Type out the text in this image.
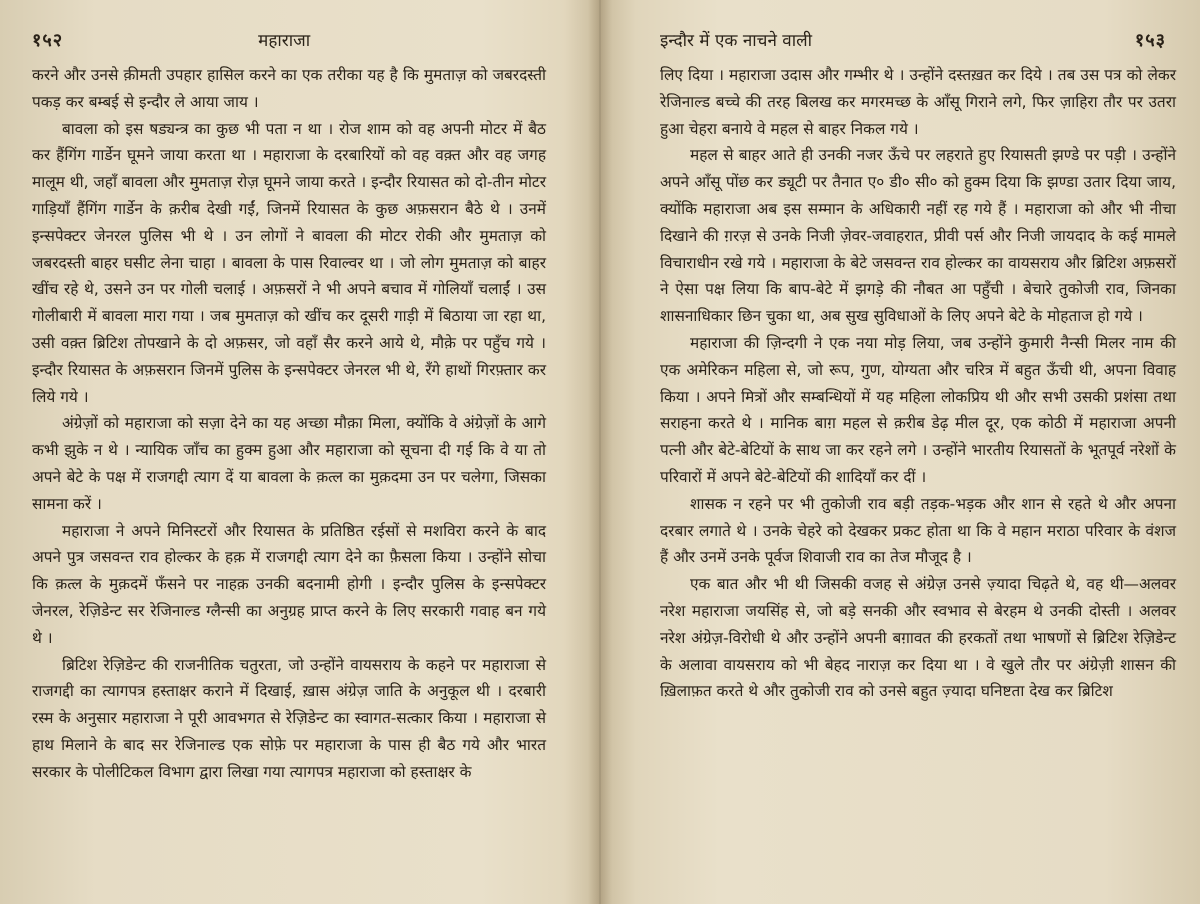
१५२	महाराजा

करने और उनसे क़ीमती उपहार हासिल करने का एक तरीका यह है कि मुमताज़ को जबरदस्ती पकड़ कर बम्बई से इन्दौर ले आया जाय ।

बावला को इस षड्यन्त्र का कुछ भी पता न था । रोज शाम को वह अपनी मोटर में बैठ कर हैंगिंग गार्डेन घूमने जाया करता था । महाराजा के दरबारियों को वह वक़्त और वह जगह मालूम थी, जहाँ बावला और मुमताज़ रोज़ घूमने जाया करते । इन्दौर रियासत को दो-तीन मोटर गाड़ियाँ हैंगिंग गार्डेन के क़रीब देखी गईं, जिनमें रियासत के कुछ अफ़सरान बैठे थे । उनमें इन्सपेक्टर जेनरल पुलिस भी थे । उन लोगों ने बावला की मोटर रोकी और मुमताज़ को जबरदस्ती बाहर घसीट लेना चाहा । बावला के पास रिवाल्वर था । जो लोग मुमताज़ को बाहर खींच रहे थे, उसने उन पर गोली चलाई । अफ़सरों ने भी अपने बचाव में गोलियाँ चलाईं । उस गोलीबारी में बावला मारा गया । जब मुमताज़ को खींच कर दूसरी गाड़ी में बिठाया जा रहा था, उसी वक़्त ब्रिटिश तोपखाने के दो अफ़सर, जो वहाँ सैर करने आये थे, मौक़े पर पहुँच गये । इन्दौर रियासत के अफ़सरान जिनमें पुलिस के इन्सपेक्टर जेनरल भी थे, रँगे हाथों गिरफ़्तार कर लिये गये ।

अंग्रेज़ों को महाराजा को सज़ा देने का यह अच्छा मौक़ा मिला, क्योंकि वे अंग्रेज़ों के आगे कभी झुके न थे । न्यायिक जाँच का हुक्म हुआ और महाराजा को सूचना दी गई कि वे या तो अपने बेटे के पक्ष में राजगद्दी त्याग दें या बावला के क़त्ल का मुक़दमा उन पर चलेगा, जिसका सामना करें ।

महाराजा ने अपने मिनिस्टरों और रियासत के प्रतिष्ठित रईसों से मशविरा करने के बाद अपने पुत्र जसवन्त राव होल्कर के हक़ में राजगद्दी त्याग देने का फ़ैसला किया । उन्होंने सोचा कि क़त्ल के मुक़दमें फँसने पर नाहक़ उनकी बदनामी होगी । इन्दौर पुलिस के इन्सपेक्टर जेनरल, रेज़िडेन्ट सर रेजिनाल्ड ग्लैन्सी का अनुग्रह प्राप्त करने के लिए सरकारी गवाह बन गये थे ।

ब्रिटिश रेज़िडेन्ट की राजनीतिक चतुरता, जो उन्होंने वायसराय के कहने पर महाराजा से राजगद्दी का त्यागपत्र हस्ताक्षर कराने में दिखाई, ख़ास अंग्रेज़ जाति के अनुकूल थी । दरबारी रस्म के अनुसार महाराजा ने पूरी आवभगत से रेज़िडेन्ट का स्वागत-सत्कार किया । महाराजा से हाथ मिलाने के बाद सर रेजिनाल्ड एक सोफ़े पर महाराजा के पास ही बैठ गये और भारत सरकार के पोलीटिकल विभाग द्वारा लिखा गया त्यागपत्र महाराजा को हस्ताक्षर के

इन्दौर में एक नाचने वाली	१५३

लिए दिया । महाराजा उदास और गम्भीर थे । उन्होंने दस्तख़त कर दिये । तब उस पत्र को लेकर रेजिनाल्ड बच्चे की तरह बिलख कर मगरमच्छ के आँसू गिराने लगे, फिर ज़ाहिरा तौर पर उतरा हुआ चेहरा बनाये वे महल से बाहर निकल गये ।

महल से बाहर आते ही उनकी नजर ऊँचे पर लहराते हुए रियासती झण्डे पर पड़ी । उन्होंने अपने आँसू पोंछ कर ड्यूटी पर तैनात ए० डी० सी० को हुक्म दिया कि झण्डा उतार दिया जाय, क्योंकि महाराजा अब इस सम्मान के अधिकारी नहीं रह गये हैं । महाराजा को और भी नीचा दिखाने की ग़रज़ से उनके निजी ज़ेवर-जवाहरात, प्रीवी पर्स और निजी जायदाद के कई मामले विचाराधीन रखे गये । महाराजा के बेटे जसवन्त राव होल्कर का वायसराय और ब्रिटिश अफ़सरों ने ऐसा पक्ष लिया कि बाप-बेटे में झगड़े की नौबत आ पहुँची । बेचारे तुकोजी राव, जिनका शासनाधिकार छिन चुका था, अब सुख सुविधाओं के लिए अपने बेटे के मोहताज हो गये ।

महाराजा की ज़िन्दगी ने एक नया मोड़ लिया, जब उन्होंने कुमारी नैन्सी मिलर नाम की एक अमेरिकन महिला से, जो रूप, गुण, योग्यता और चरित्र में बहुत ऊँची थी, अपना विवाह किया । अपने मित्रों और सम्बन्धियों में यह महिला लोकप्रिय थी और सभी उसकी प्रशंसा तथा सराहना करते थे । मानिक बाग़ महल से क़रीब डेढ़ मील दूर, एक कोठी में महाराजा अपनी पत्नी और बेटे-बेटियों के साथ जा कर रहने लगे । उन्होंने भारतीय रियासतों के भूतपूर्व नरेशों के परिवारों में अपने बेटे-बेटियों की शादियाँ कर दीं ।

शासक न रहने पर भी तुकोजी राव बड़ी तड़क-भड़क और शान से रहते थे और अपना दरबार लगाते थे । उनके चेहरे को देखकर प्रकट होता था कि वे महान मराठा परिवार के वंशज हैं और उनमें उनके पूर्वज शिवाजी राव का तेज मौजूद है ।

एक बात और भी थी जिसकी वजह से अंग्रेज़ उनसे ज़्यादा चिढ़ते थे, वह थी—अलवर नरेश महाराजा जयसिंह से, जो बड़े सनकी और स्वभाव से बेरहम थे उनकी दोस्ती । अलवर नरेश अंग्रेज़-विरोधी थे और उन्होंने अपनी बग़ावत की हरकतों तथा भाषणों से ब्रिटिश रेज़िडेन्ट के अलावा वायसराय को भी बेहद नाराज़ कर दिया था । वे खुले तौर पर अंग्रेज़ी शासन की ख़िलाफ़त करते थे और तुकोजी राव को उनसे बहुत ज़्यादा घनिष्टता देख कर ब्रिटिश
